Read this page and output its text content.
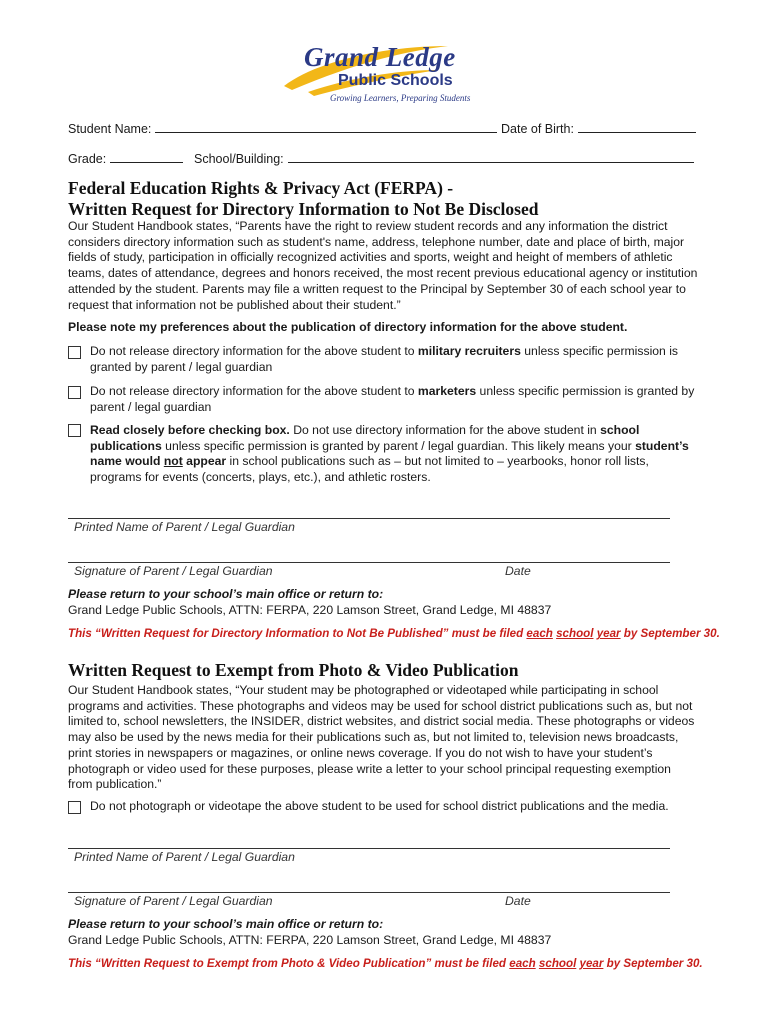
Grand Ledge
Public Schools
Growing Learners, Preparing Students
Student Name:	Date of Birth:
Grade:	School/Building:
Federal Education Rights & Privacy Act (FERPA) -
Written Request for Directory Information to Not Be Disclosed
Our Student Handbook states, “Parents have the right to review student records and any information the district considers directory information such as student's name, address, telephone number, date and place of birth, major fields of study, participation in officially recognized activities and sports, weight and height of members of athletic teams, dates of attendance, degrees and honors received, the most recent previous educational agency or institution attended by the student. Parents may file a written request to the Principal by September 30 of each school year to request that information not be published about their student.”
Please note my preferences about the publication of directory information for the above student.
Do not release directory information for the above student to military recruiters unless specific permission is granted by parent / legal guardian
Do not release directory information for the above student to marketers unless specific permission is granted by parent / legal guardian
Read closely before checking box. Do not use directory information for the above student in school publications unless specific permission is granted by parent / legal guardian. This likely means your student’s name would not appear in school publications such as – but not limited to – yearbooks, honor roll lists, programs for events (concerts, plays, etc.), and athletic rosters.
Printed Name of Parent / Legal Guardian
Signature of Parent / Legal Guardian	Date
Please return to your school’s main office or return to:
Grand Ledge Public Schools, ATTN: FERPA, 220 Lamson Street, Grand Ledge, MI 48837
This “Written Request for Directory Information to Not Be Published” must be filed each school year by September 30.
Written Request to Exempt from Photo & Video Publication
Our Student Handbook states, “Your student may be photographed or videotaped while participating in school programs and activities. These photographs and videos may be used for school district publications such as, but not limited to, school newsletters, the INSIDER, district websites, and district social media. These photographs or videos may also be used by the news media for their publications such as, but not limited to, television news broadcasts, print stories in newspapers or magazines, or online news coverage. If you do not wish to have your student’s photograph or video used for these purposes, please write a letter to your school principal requesting exemption from publication.”
Do not photograph or videotape the above student to be used for school district publications and the media.
Printed Name of Parent / Legal Guardian
Signature of Parent / Legal Guardian	Date
Please return to your school’s main office or return to:
Grand Ledge Public Schools, ATTN: FERPA, 220 Lamson Street, Grand Ledge, MI 48837
This “Written Request to Exempt from Photo & Video Publication” must be filed each school year by September 30.
